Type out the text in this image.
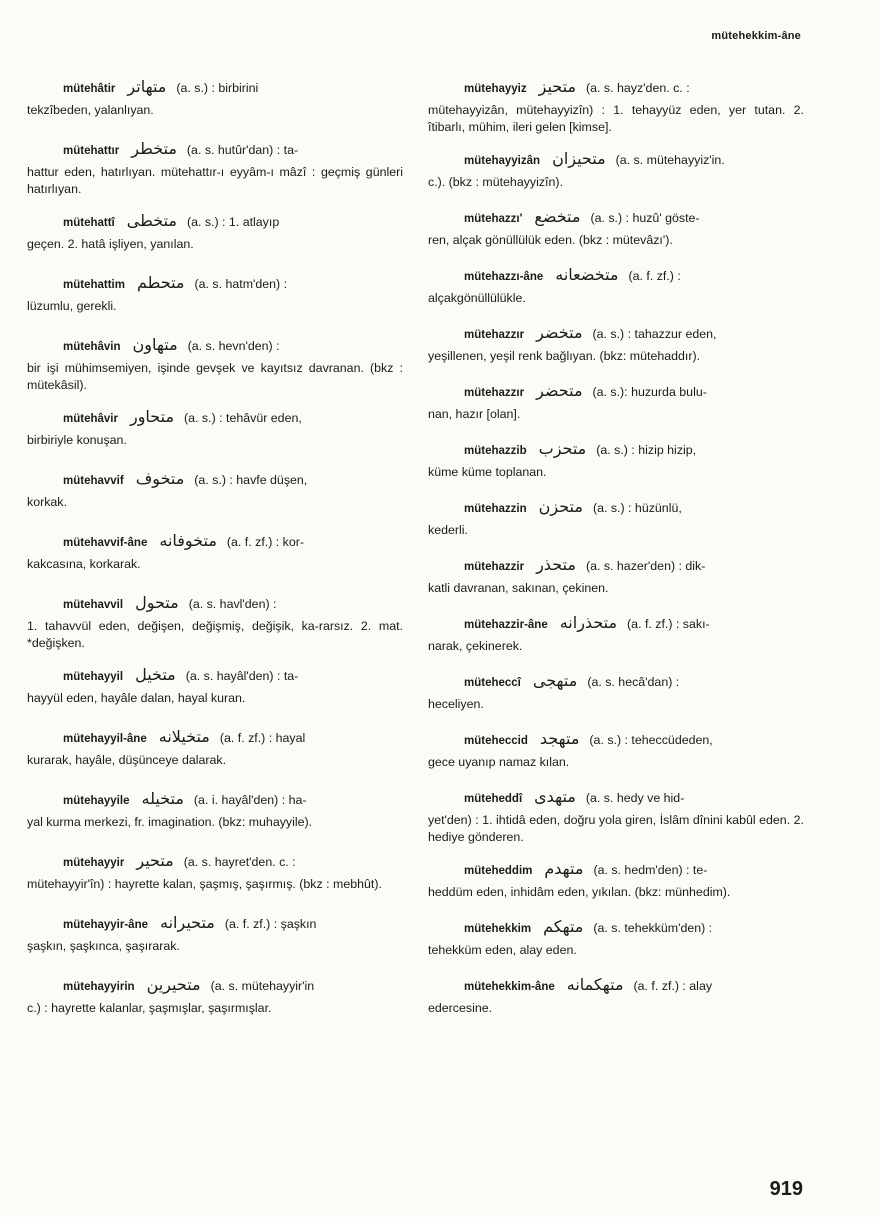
mütehekkim-âne
mütehâtir متهاتر (a. s.) : birbirini
tekzîbeden, yalanlıyan.
mütehattır متخطر (a. s. hutûr'dan) : ta-
hattur eden, hatırlıyan. mütehattır-ı eyyâm-ı mâzî : geçmiş günleri hatırlıyan.
mütehattî متخطى (a. s.) : 1. atlayıp
geçen. 2. hatâ işliyen, yanılan.
mütehattim متحطم (a. s. hatm'den) :
lüzumlu, gerekli.
mütehâvin متهاون (a. s. hevn'den) :
bir işi mühimsemiyen, işinde gevşek ve kayıtsız davranan. (bkz : mütekâsil).
mütehâvir متحاور (a. s.) : tehâvür eden,
birbiriyle konuşan.
mütehavvif متخوف (a. s.) : havfe düşen,
korkak.
mütehavvif-âne متخوفانه (a. f. zf.) : kor-
kakcasına, korkarak.
mütehavvil متحول (a. s. havl'den) :
1. tahavvül eden, değişen, değişmiş, değişik, ka-rarsız. 2. mat. *değişken.
mütehayyil متخيل (a. s. hayâl'den) : ta-
hayyül eden, hayâle dalan, hayal kuran.
mütehayyil-âne متخيلانه (a. f. zf.) : hayal
kurarak, hayâle, düşünceye dalarak.
mütehayyile متخيله (a. i. hayâl'den) : ha-
yal kurma merkezi, fr. imagination. (bkz: muhayyile).
mütehayyir متحير (a. s. hayret'den. c. :
mütehayyir'în) : hayrette kalan, şaşmış, şaşırmış. (bkz : mebhût).
mütehayyir-âne متحيرانه (a. f. zf.) : şaşkın
şaşkın, şaşkınca, şaşırarak.
mütehayyirin متحيرين (a. s. mütehayyir'in
c.) : hayrette kalanlar, şaşmışlar, şaşırmışlar.
mütehayyiz متحيز (a. s. hayz'den. c. :
mütehayyizân, mütehayyizîn) : 1. tehayyüz eden, yer tutan. 2. îtibarlı, mühim, ileri gelen [kimse].
mütehayyizân متحيزان (a. s. mütehayyiz'in.
c.). (bkz : mütehayyizîn).
mütehazzı' متخضع (a. s.) : huzû' göste-
ren, alçak gönüllülük eden. (bkz : mütevâzı').
mütehazzı-âne متخضعانه (a. f. zf.) :
alçakgönüllülükle.
mütehazzır متخضر (a. s.) : tahazzur eden,
yeşillenen, yeşil renk bağlıyan. (bkz: mütehaddır).
mütehazzır متحضر (a. s.): huzurda bulu-
nan, hazır [olan].
mütehazzib متحزب (a. s.) : hizip hizip,
küme küme toplanan.
mütehazzin متحزن (a. s.) : hüzünlü,
kederli.
mütehazzir متحذر (a. s. hazer'den) : dik-
katli davranan, sakınan, çekinen.
mütehazzir-âne متحذرانه (a. f. zf.) : sakı-
narak, çekinerek.
müteheccî متهجى (a. s. hecâ'dan) :
heceliyen.
müteheccid متهجد (a. s.) : teheccüdeden,
gece uyanıp namaz kılan.
müteheddî متهدى (a. s. hedy ve hid-
yet'den) : 1. ihtidâ eden, doğru yola giren, İslâm dînini kabûl eden. 2. hediye gönderen.
müteheddim متهدم (a. s. hedm'den) : te-
heddüm eden, inhidâm eden, yıkılan. (bkz: münhedim).
mütehekkim متهكم (a. s. tehekküm'den) :
tehekküm eden, alay eden.
mütehekkim-âne متهكمانه (a. f. zf.) : alay
edercesine.
919
